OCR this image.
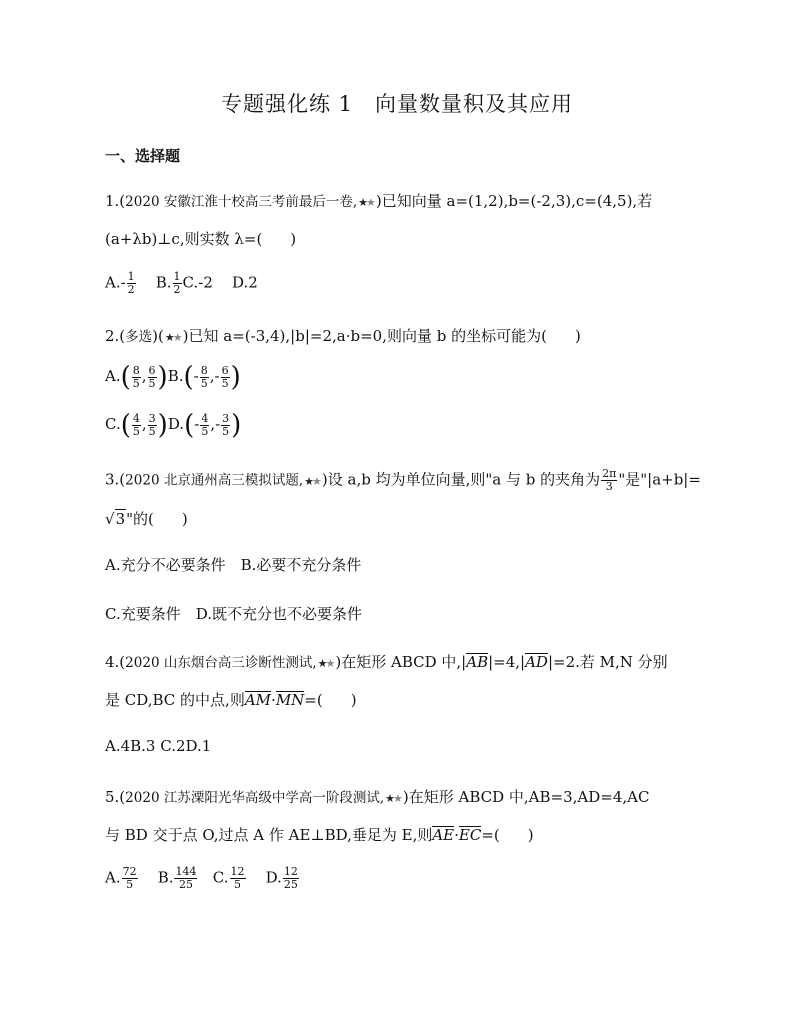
专题强化练 1　向量数量积及其应用
一、选择题
1.(2020 安徽江淮十校高三考前最后一卷,★★ )已知向量 a=(1,2),b=(-2,3),c=(4,5),若
(a+λb)⊥c,则实数 λ=( )
$A.- \frac{1}{2} B$. $\frac{1}{2} C.-2$ D.2
2.(多选)(★★ )已知 a=(-3,4),|b|=2,a·b=0,则向量 b 的坐标可能为( )
$A.( \frac{8}{5}$ , $\frac{6}{5} )B.(- \frac{8}{5}$ ,- $\frac{6}{5}$ )
$C.( \frac{4}{5}$ , $\frac{3}{5} )D.(- \frac{4}{5}$ ,- $\frac{3}{5}$ )
3.(2020 北京通州高三模拟试题,★★ )设 a,b 均为单位向量,则"a 与 b 的夹角为 $\frac{2\pi}{3}$ "是"|a+b|=
√3"的( )
A.充分不必要条件　B.必要不充分条件
C.充要条件　D.既不充分也不必要条件
4.(2020 山东烟台高三诊断性测试,★★ )在矩形 ABCD 中,|AB|=4,|AD|=2.若 M,N 分别
是 CD,BC 的中点,则AM·MN=( )
A.4B.3 C.2D.1
5.(2020 江苏溧阳光华高级中学高一阶段测试,★★ )在矩形 ABCD 中,AB=3,AD=4,AC
与 BD 交于点 O,过点 A 作 AE⊥BD,垂足为 E,则AE·EC=( )
A. $\frac{72}{5} B$. $\frac{144}{25} C$. $\frac{12}{5} D$. $\frac{12}{25}$
